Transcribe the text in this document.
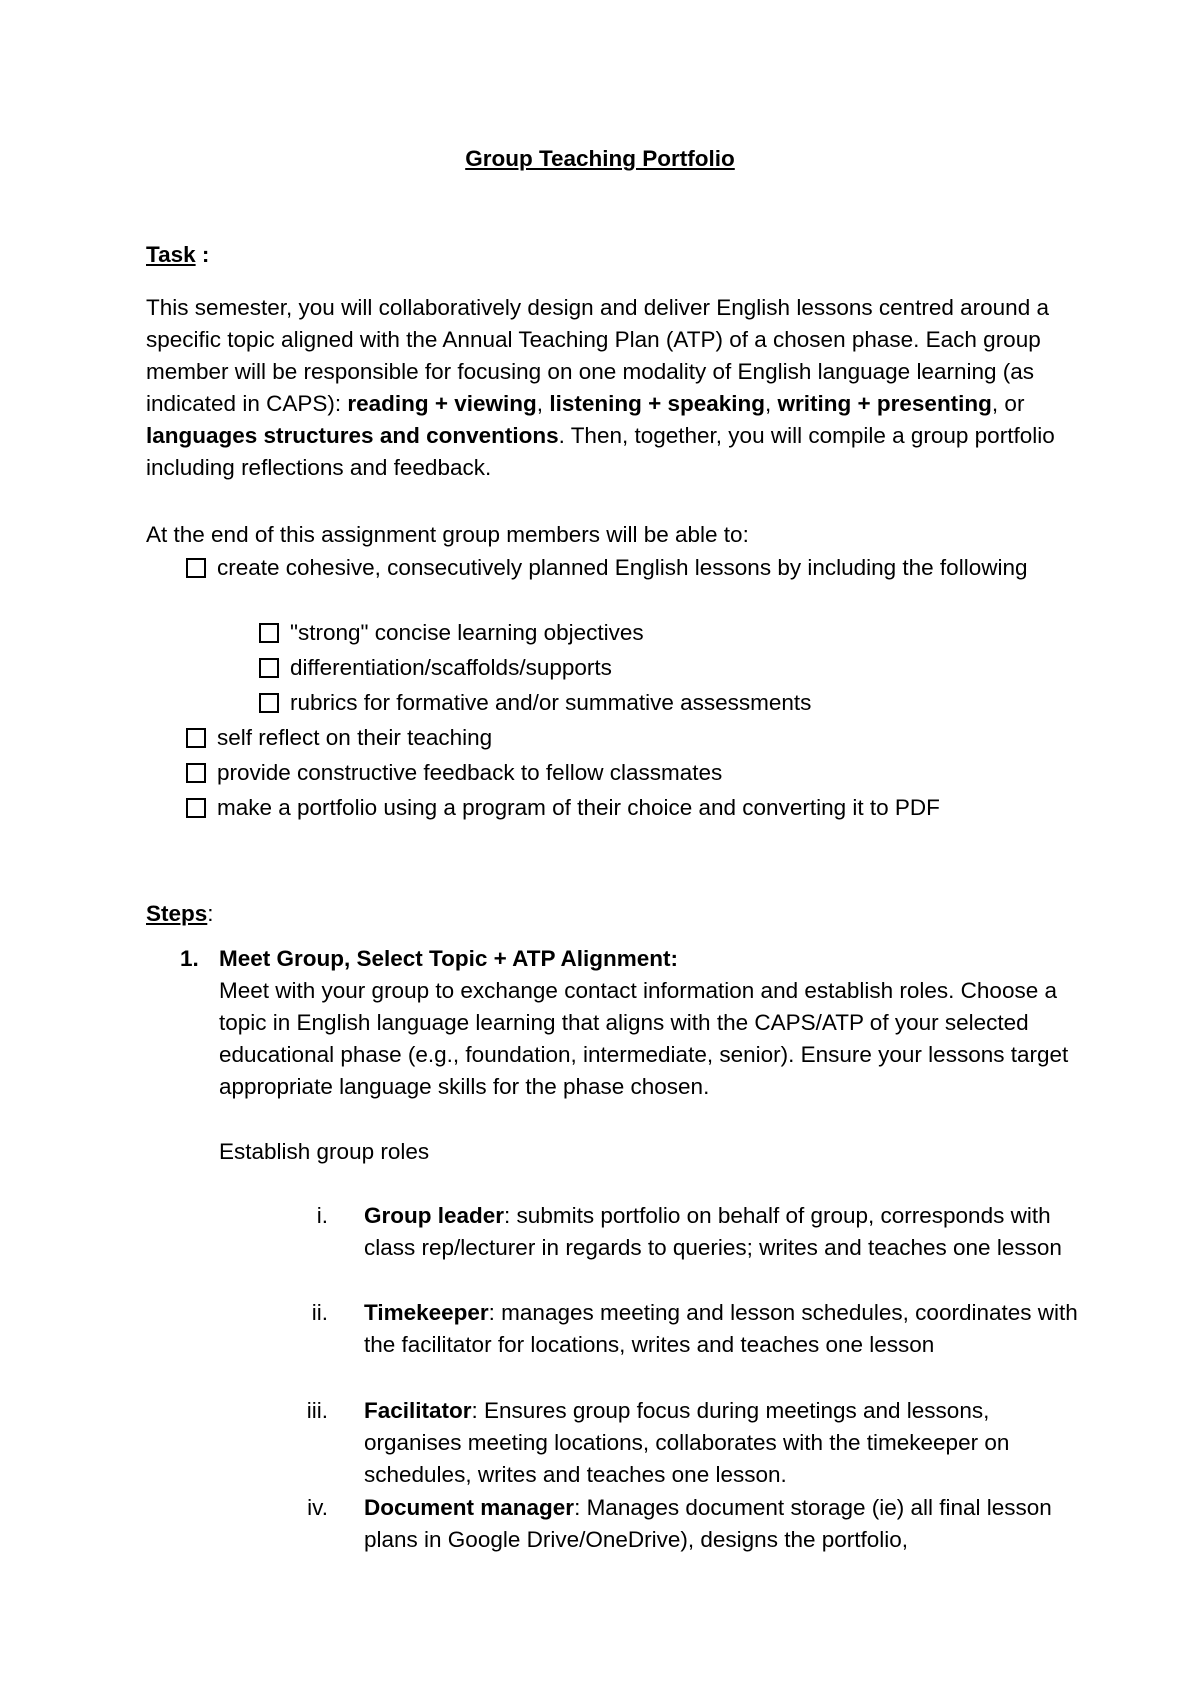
Group Teaching Portfolio
Task :
This semester, you will collaboratively design and deliver English lessons centred around a specific topic aligned with the Annual Teaching Plan (ATP) of a chosen phase. Each group member will be responsible for focusing on one modality of English language learning (as indicated in CAPS): reading + viewing, listening + speaking, writing + presenting, or languages structures and conventions. Then, together, you will compile a group portfolio including reflections and feedback.
At the end of this assignment group members will be able to:
create cohesive, consecutively planned English lessons by including the following
"strong" concise learning objectives
differentiation/scaffolds/supports
rubrics for formative and/or summative assessments
self reflect on their teaching
provide constructive feedback to fellow classmates
make a portfolio using a program of their choice and converting it to PDF
Steps:
1. Meet Group, Select Topic + ATP Alignment:
Meet with your group to exchange contact information and establish roles. Choose a topic in English language learning that aligns with the CAPS/ATP of your selected educational phase (e.g., foundation, intermediate, senior). Ensure your lessons target appropriate language skills for the phase chosen.
Establish group roles
i. Group leader: submits portfolio on behalf of group, corresponds with class rep/lecturer in regards to queries; writes and teaches one lesson
ii. Timekeeper: manages meeting and lesson schedules, coordinates with the facilitator for locations, writes and teaches one lesson
iii. Facilitator: Ensures group focus during meetings and lessons, organises meeting locations, collaborates with the timekeeper on schedules, writes and teaches one lesson.
iv. Document manager: Manages document storage (ie) all final lesson plans in Google Drive/OneDrive), designs the portfolio,
